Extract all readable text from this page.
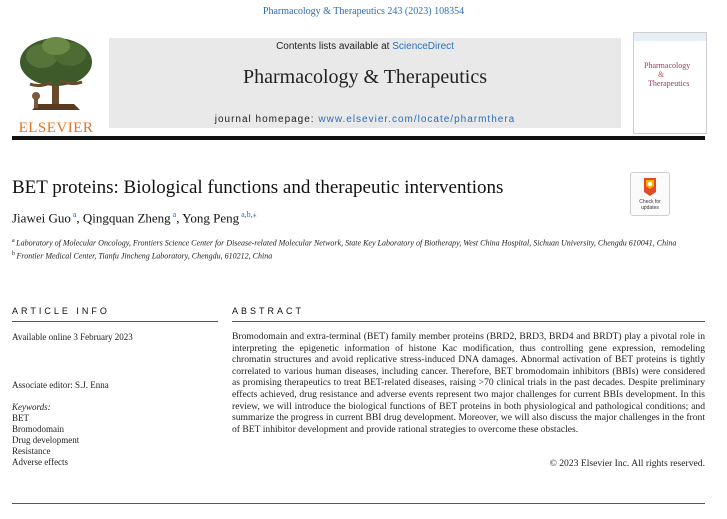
Pharmacology & Therapeutics 243 (2023) 108354
ELSEVIER
Contents lists available at ScienceDirect
Pharmacology & Therapeutics
journal homepage: www.elsevier.com/locate/pharmthera
Pharmacology
&
Therapeutics
BET proteins: Biological functions and therapeutic interventions
Check for updates
Jiawei Guo $^a$, Qingquan Zheng $^a$, Yong Peng $^{a,b,⁎}$
$^a$ Laboratory of Molecular Oncology, Frontiers Science Center for Disease-related Molecular Network, State Key Laboratory of Biotherapy, West China Hospital, Sichuan University, Chengdu 610041, China
$^b$ Frontier Medical Center, Tianfu Jincheng Laboratory, Chengdu, 610212, China
ARTICLE INFO	ABSTRACT
Available online 3 February 2023
Associate editor: S.J. Enna
Keywords:
BET
Bromodomain
Drug development
Resistance
Adverse effects
Bromodomain and extra-terminal (BET) family member proteins (BRD2, BRD3, BRD4 and BRDT) play a pivotal role in interpreting the epigenetic information of histone Kac modification, thus controlling gene expression, remodeling chromatin structures and avoid replicative stress-induced DNA damages. Abnormal activation of BET proteins is tightly correlated to various human diseases, including cancer. Therefore, BET bromodomain inhibitors (BBIs) were considered as promising therapeutics to treat BET-related diseases, raising >70 clinical trials in the past decades. Despite preliminary effects achieved, drug resistance and adverse events represent two major challenges for current BBIs development. In this review, we will introduce the biological functions of BET proteins in both physiological and pathological conditions; and summarize the progress in current BBI drug development. Moreover, we will also discuss the major challenges in the front of BET inhibitor development and provide rational strategies to overcome these obstacles.
© 2023 Elsevier Inc. All rights reserved.
